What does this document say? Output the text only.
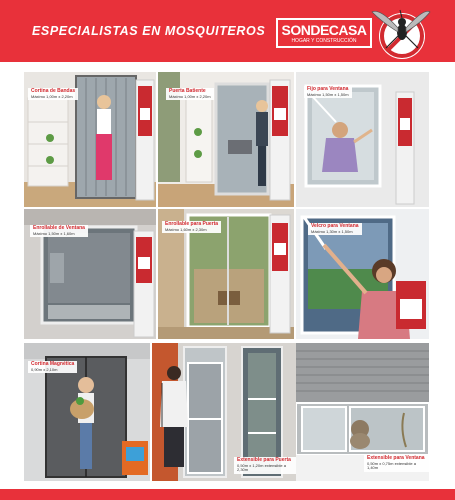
ESPECIALISTAS EN MOSQUITEROS SONDECASA
HOGAR Y CONSTRUCCIÓN
Cortina de Bandas
Máximo 1,00m x 2,20m
Puerta Batiente
Máximo 1,00m x 2,20m
Fijo para Ventana
Máximo 1,50m x 1,50m
Enrollable de Ventana
Máximo 1,50m x 1,60m
Enrollable para Puerta
Máximo 1,60m x 2,30m
Velcro para Ventana
Máximo 1,30m x 1,50m
Cortina Magnética
0,90m x 2,10m
Extensible para Puerta
0,50m x 1,20m extensible a 2,30m
Extensible para Ventana
0,50m x 0,75m extensible a 1,40m
